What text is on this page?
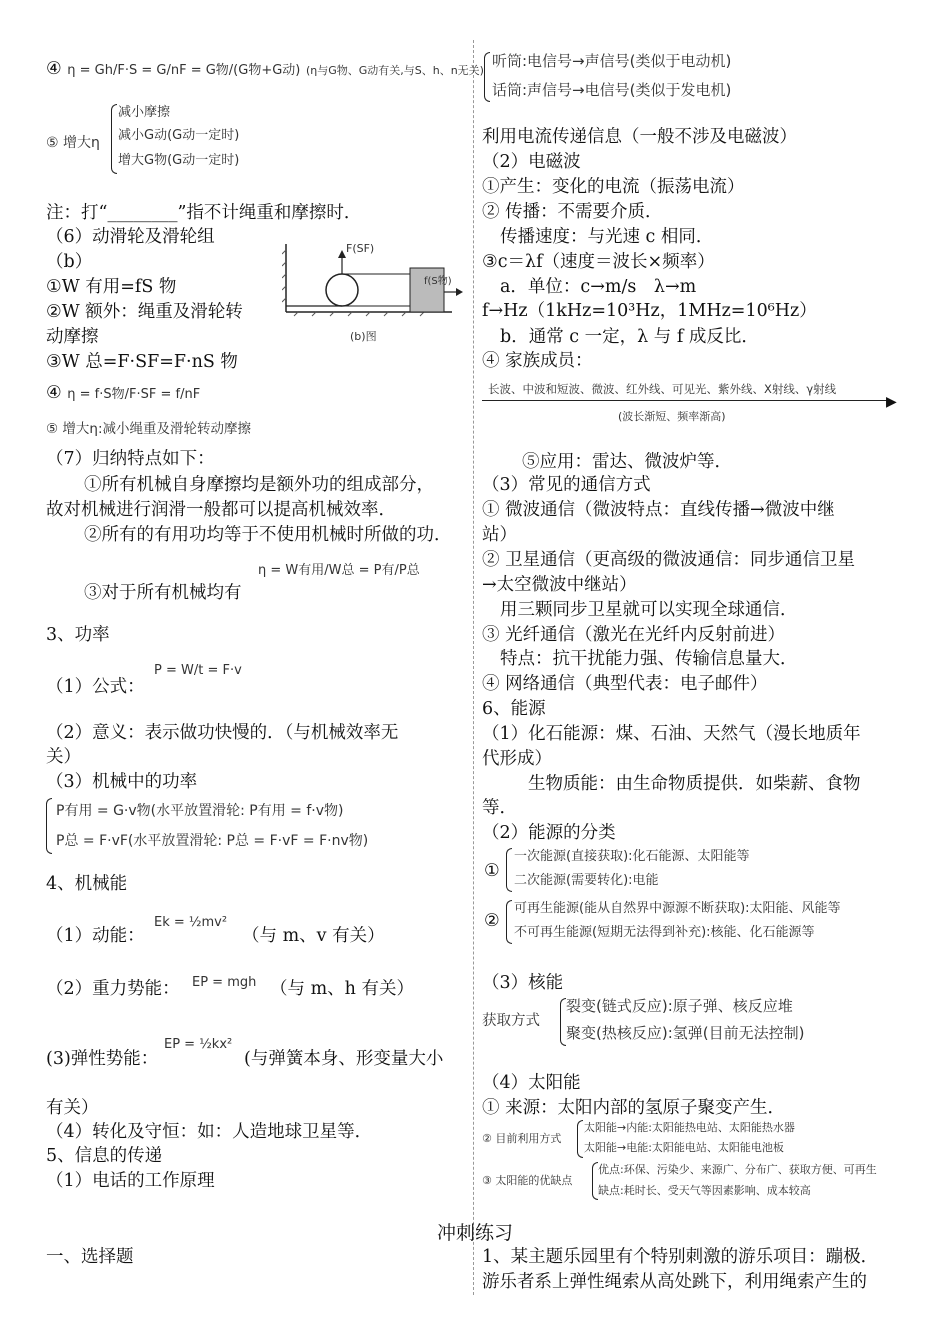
④ η = Gh/F·S = G/nF = G物/(G物+G动) (η与G物、G动有关,与S、h、n无关)
⑤ 增大η
减小摩擦
减小G动(G动一定时)
增大G物(G动一定时)
注：打“________”指不计绳重和摩擦时．
（6）动滑轮及滑轮组
（b）
①W 有用=fS 物
②W 额外：绳重及滑轮转
动摩擦
③W 总=F·SF=F·nS 物
④ η = f·S物/F·SF = f/nF
⑤ 增大η:减小绳重及滑轮转动摩擦
F(SF)
f(S物)
(b)图
（7）归纳特点如下：
①所有机械自身摩擦均是额外功的组成部分，
故对机械进行润滑一般都可以提高机械效率．
②所有的有用功均等于不使用机械时所做的功．
③对于所有机械均有
η = W有用/W总 = P有/P总
3、功率
（1）公式：
P = W/t = F·v
（2）意义：表示做功快慢的．（与机械效率无
关）
（3）机械中的功率
P有用 = G·v物(水平放置滑轮: P有用 = f·v物)
P总 = F·vF(水平放置滑轮: P总 = F·vF = F·nv物)
4、机械能
（1）动能：
Ek = ½mv²
（与 m、v 有关）
（2）重力势能： EP = mgh （与 m、h 有关）
(3)弹性势能：
EP = ½kx²
(与弹簧本身、形变量大小
有关）
（4）转化及守恒：如：人造地球卫星等．
5、信息的传递
（1）电话的工作原理
一、选择题
听筒:电信号→声信号(类似于电动机)
话筒:声信号→电信号(类似于发电机)
利用电流传递信息（一般不涉及电磁波）
（2）电磁波
①产生：变化的电流（振荡电流）
② 传播：不需要介质．
传播速度：与光速 c 相同．
③c＝λf（速度＝波长×频率）
a．单位：c→m/s　λ→m
f→Hz（1kHz=10³Hz，1MHz=10⁶Hz）
b．通常 c 一定，λ 与 f 成反比．
④ 家族成员：
长波、中波和短波、微波、红外线、可见光、紫外线、X射线、γ射线
▶
(波长渐短、频率渐高)
⑤应用：雷达、微波炉等．
（3）常见的通信方式
① 微波通信（微波特点：直线传播→微波中继
站）
② 卫星通信（更高级的微波通信：同步通信卫星
→太空微波中继站）
用三颗同步卫星就可以实现全球通信．
③ 光纤通信（激光在光纤内反射前进）
特点：抗干扰能力强、传输信息量大．
④ 网络通信（典型代表：电子邮件）
6、能源
（1）化石能源：煤、石油、天然气（漫长地质年
代形成）
生物质能：由生命物质提供．如柴薪、食物
等．
（2）能源的分类
①
一次能源(直接获取):化石能源、太阳能等
二次能源(需要转化):电能
②
可再生能源(能从自然界中源源不断获取):太阳能、风能等
不可再生能源(短期无法得到补充):核能、化石能源等
（3）核能
获取方式
裂变(链式反应):原子弹、核反应堆
聚变(热核反应):氢弹(目前无法控制)
（4）太阳能
① 来源：太阳内部的氢原子聚变产生．
② 目前利用方式
太阳能→内能:太阳能热电站、太阳能热水器
太阳能→电能:太阳能电站、太阳能电池板
③ 太阳能的优缺点
优点:环保、污染少、来源广、分布广、获取方便、可再生
缺点:耗时长、受天气等因素影响、成本较高
1、某主题乐园里有个特别刺激的游乐项目：蹦极．
游乐者系上弹性绳索从高处跳下，利用绳索产生的
冲刺练习
